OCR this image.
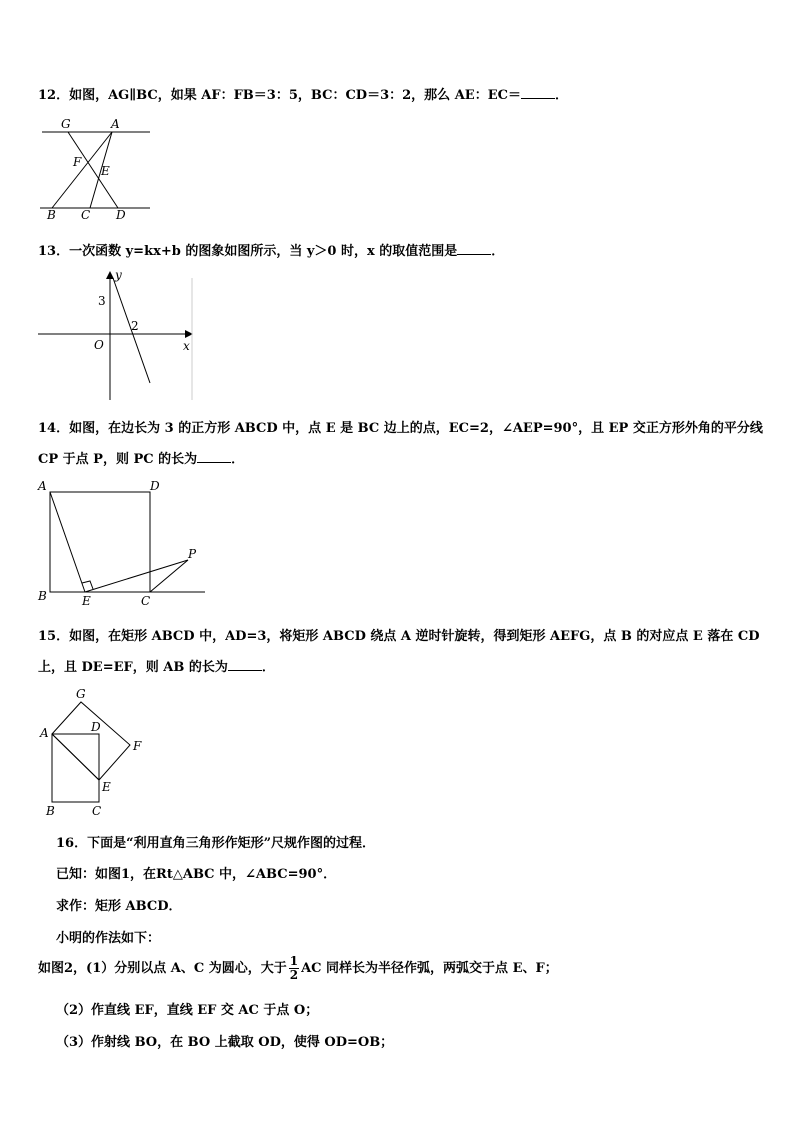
12．如图，AG∥BC，如果 AF：FB＝3：5，BC：CD＝3：2，那么 AE：EC＝	．
G	A
F
E
B C D
13．一次函数 y=kx+b 的图象如图所示，当 y＞0 时，x 的取值范围是	．
y
3
2
O	x
14．如图，在边长为 3 的正方形 ABCD 中，点 E 是 BC 边上的点，EC=2，∠AEP=90°，且 EP 交正方形外角的平分线
CP 于点 P，则 PC 的长为	．
A	D
P
B	E	C
15．如图，在矩形 ABCD 中，AD=3，将矩形 ABCD 绕点 A 逆时针旋转，得到矩形 AEFG，点 B 的对应点 E 落在 CD
上，且 DE=EF，则 AB 的长为	．
G
D
A
F
E
B	C
16．下面是“利用直角三角形作矩形”尺规作图的过程．
已知：如图1，在Rt△ABC 中，∠ABC=90°．
求作：矩形 ABCD．
小明的作法如下：
如图2，(1）分别以点 A、C 为圆心，大于 $\frac{1}{2}$ AC 同样长为半径作弧，两弧交于点 E、F；
（2）作直线 EF，直线 EF 交 AC 于点 O；
（3）作射线 BO，在 BO 上截取 OD，使得 OD=OB；
